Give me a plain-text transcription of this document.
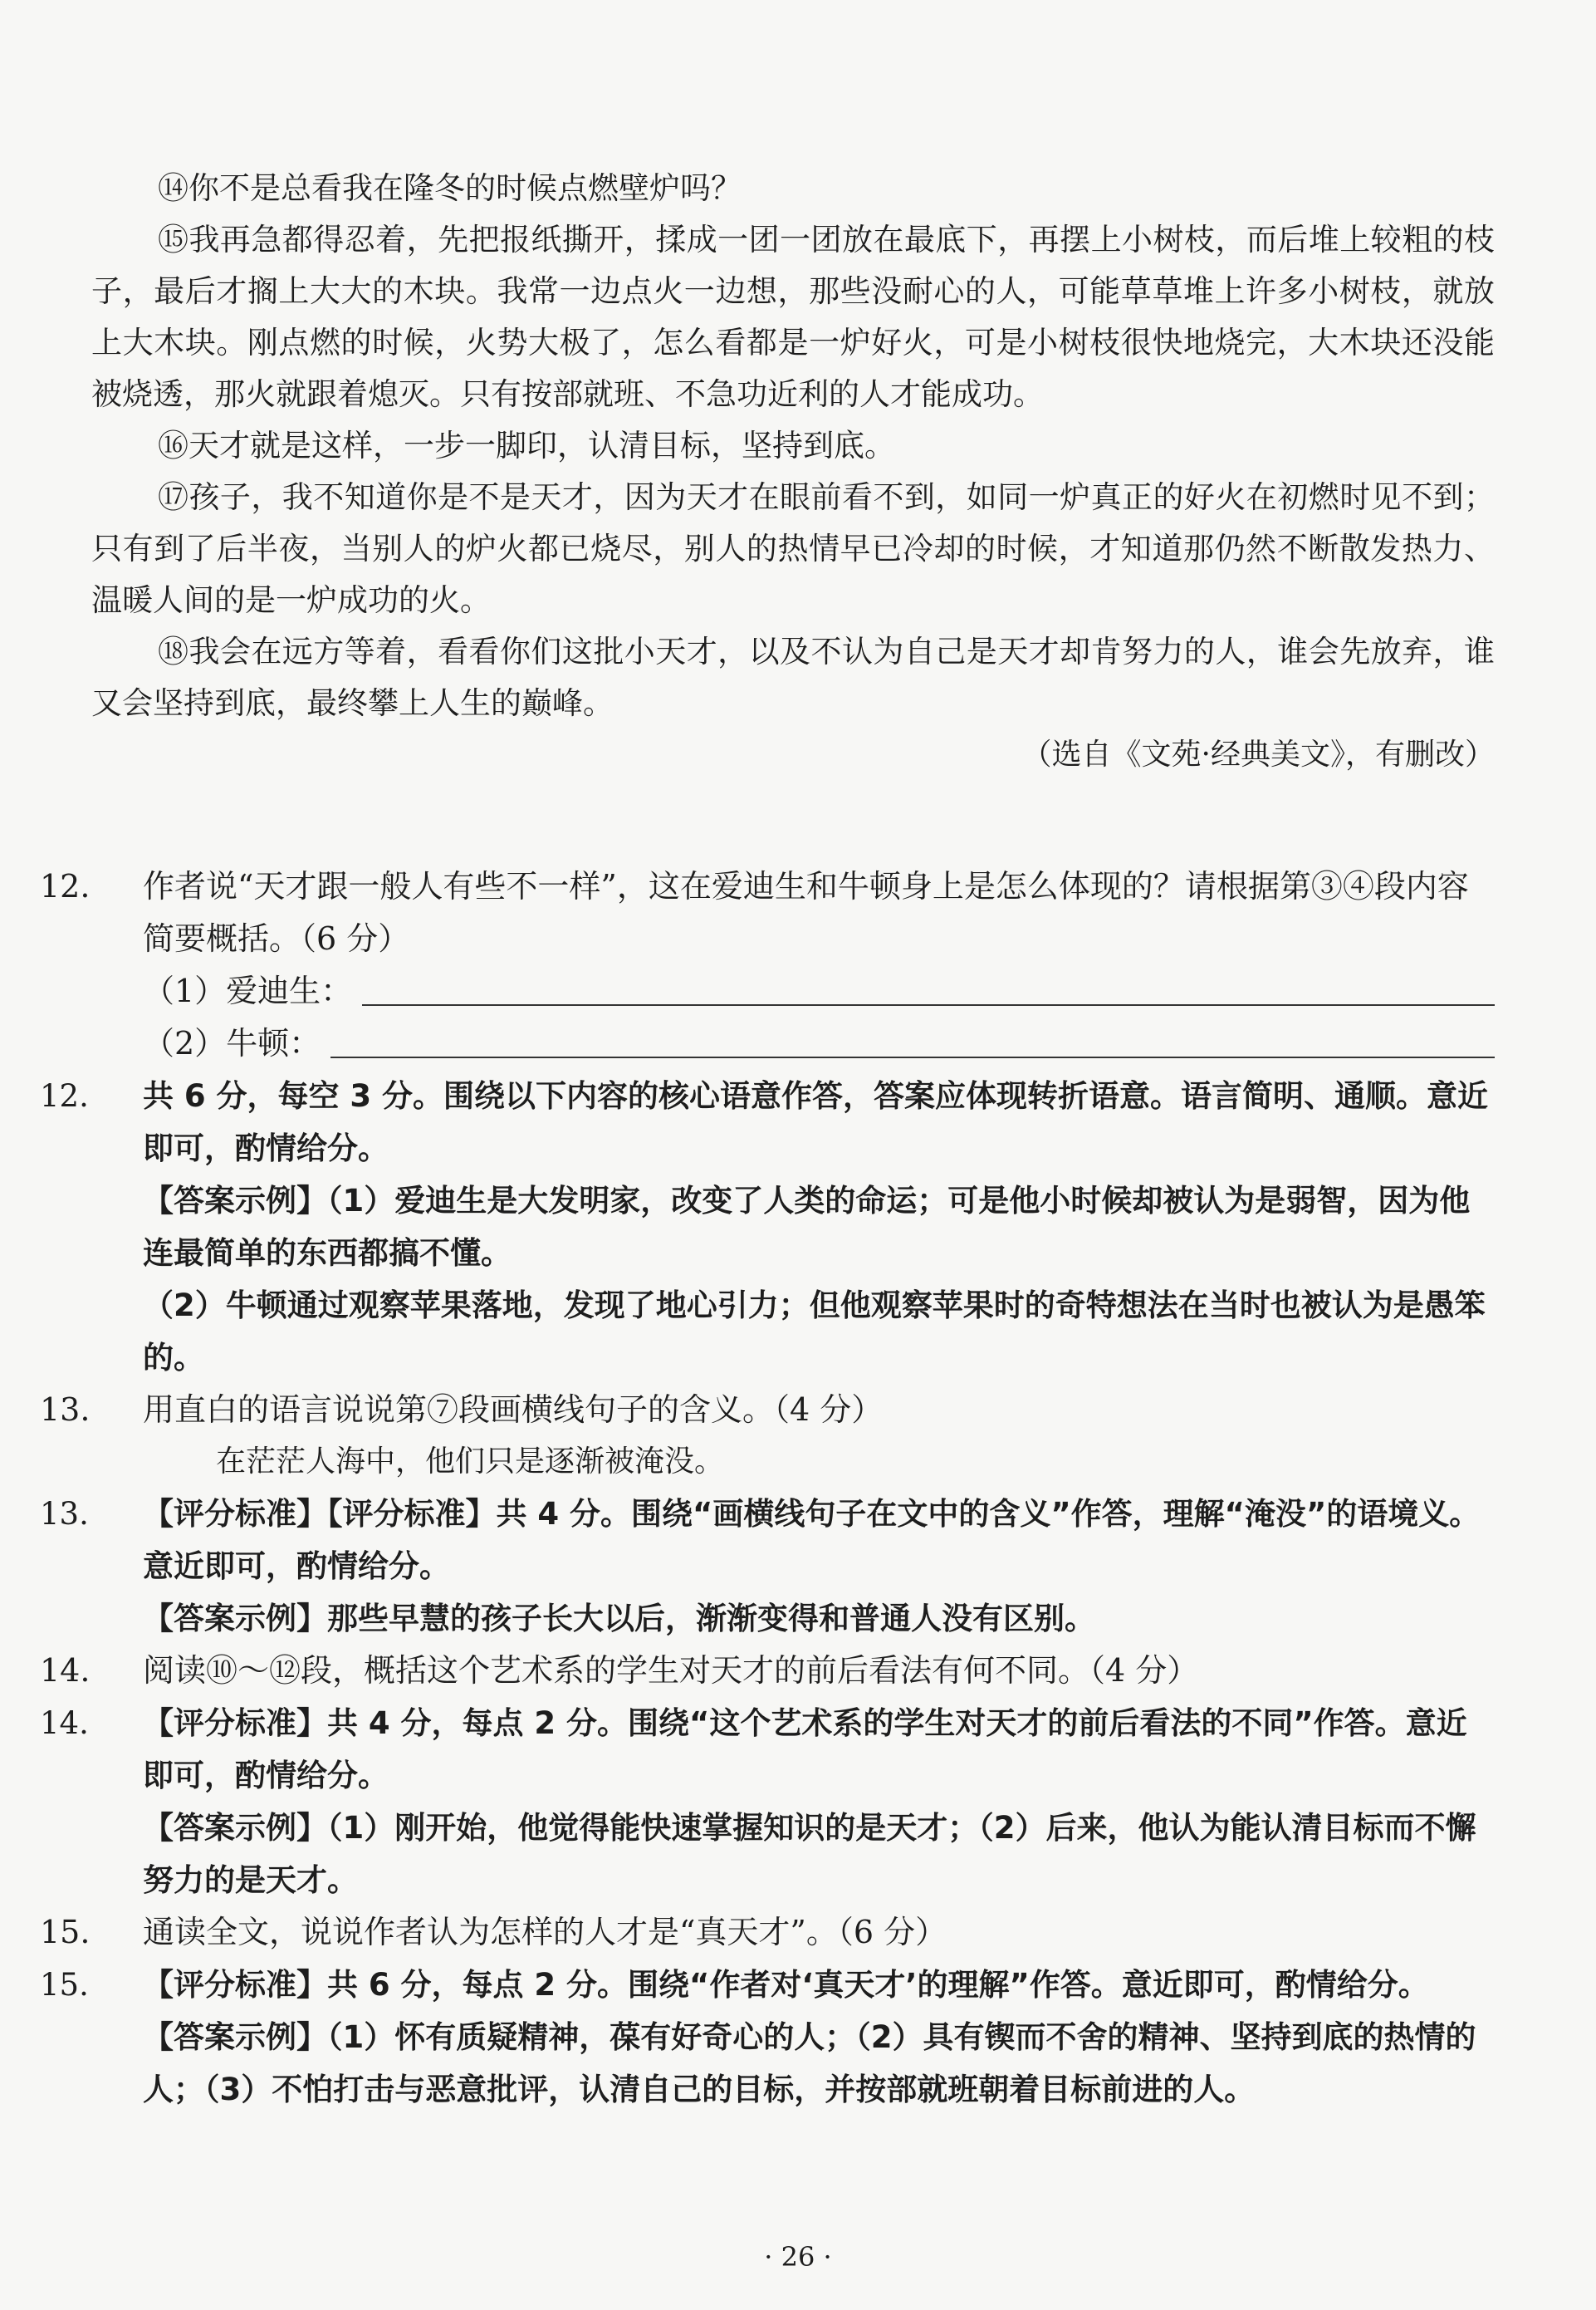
⑭你不是总看我在隆冬的时候点燃壁炉吗？

⑮我再急都得忍着，先把报纸撕开，揉成一团一团放在最底下，再摆上小树枝，而后堆上较粗的枝子，最后才搁上大大的木块。我常一边点火一边想，那些没耐心的人，可能草草堆上许多小树枝，就放上大木块。刚点燃的时候，火势大极了，怎么看都是一炉好火，可是小树枝很快地烧完，大木块还没能被烧透，那火就跟着熄灭。只有按部就班、不急功近利的人才能成功。

⑯天才就是这样，一步一脚印，认清目标，坚持到底。

⑰孩子，我不知道你是不是天才，因为天才在眼前看不到，如同一炉真正的好火在初燃时见不到；只有到了后半夜，当别人的炉火都已烧尽，别人的热情早已冷却的时候，才知道那仍然不断散发热力、温暖人间的是一炉成功的火。

⑱我会在远方等着，看看你们这批小天才，以及不认为自己是天才却肯努力的人，谁会先放弃，谁又会坚持到底，最终攀上人生的巅峰。

（选自《文苑·经典美文》，有删改）

12. 作者说“天才跟一般人有些不一样”，这在爱迪生和牛顿身上是怎么体现的？请根据第③④段内容简要概括。（6 分）

（1）爱迪生：
（2）牛顿：

12. 共 6 分，每空 3 分。围绕以下内容的核心语意作答，答案应体现转折语意。语言简明、通顺。意近即可，酌情给分。

【答案示例】（1）爱迪生是大发明家，改变了人类的命运；可是他小时候却被认为是弱智，因为他连最简单的东西都搞不懂。

（2）牛顿通过观察苹果落地，发现了地心引力；但他观察苹果时的奇特想法在当时也被认为是愚笨的。

13. 用直白的语言说说第⑦段画横线句子的含义。（4 分）

在茫茫人海中，他们只是逐渐被淹没。

13. 【评分标准】【评分标准】共 4 分。围绕“画横线句子在文中的含义”作答，理解“淹没”的语境义。意近即可，酌情给分。

【答案示例】那些早慧的孩子长大以后，渐渐变得和普通人没有区别。

14. 阅读⑩～⑫段，概括这个艺术系的学生对天才的前后看法有何不同。（4 分）

14. 【评分标准】共 4 分，每点 2 分。围绕“这个艺术系的学生对天才的前后看法的不同”作答。意近即可，酌情给分。

【答案示例】（1）刚开始，他觉得能快速掌握知识的是天才；（2）后来，他认为能认清目标而不懈努力的是天才。

15. 通读全文，说说作者认为怎样的人才是“真天才”。（6 分）

15. 【评分标准】共 6 分，每点 2 分。围绕“作者对‘真天才’的理解”作答。意近即可，酌情给分。

【答案示例】（1）怀有质疑精神，葆有好奇心的人；（2）具有锲而不舍的精神、坚持到底的热情的人；（3）不怕打击与恶意批评，认清自己的目标，并按部就班朝着目标前进的人。

· 26 ·
